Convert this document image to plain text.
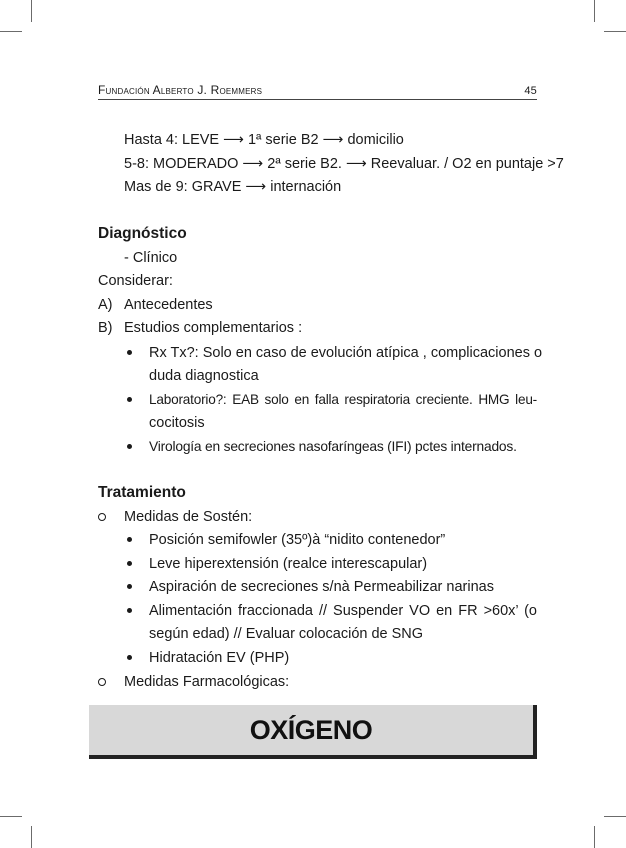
Fundación Alberto J. Roemmers	45
Hasta 4: LEVE ⟶ 1ª serie B2 ⟶ domicilio
5-8: MODERADO ⟶ 2ª serie B2. ⟶ Reevaluar. / O2 en puntaje >7
Mas de 9: GRAVE ⟶ internación
Diagnóstico
- Clínico
Considerar:
A) Antecedentes
B) Estudios complementarios :
Rx Tx?: Solo en caso de evolución atípica , complicaciones o
duda diagnostica
Laboratorio?: EAB solo en falla respiratoria creciente. HMG leu-
cocitosis
Virología en secreciones nasofaríngeas (IFI) pctes internados.
Tratamiento
Medidas de Sostén:
Posición semifowler (35º)à “nidito contenedor”
Leve hiperextensión (realce interescapular)
Aspiración de secreciones s/nà Permeabilizar narinas
Alimentación fraccionada // Suspender VO en FR >60x’ (o
según edad) // Evaluar colocación de SNG
Hidratación EV (PHP)
Medidas Farmacológicas:
OXÍGENO
